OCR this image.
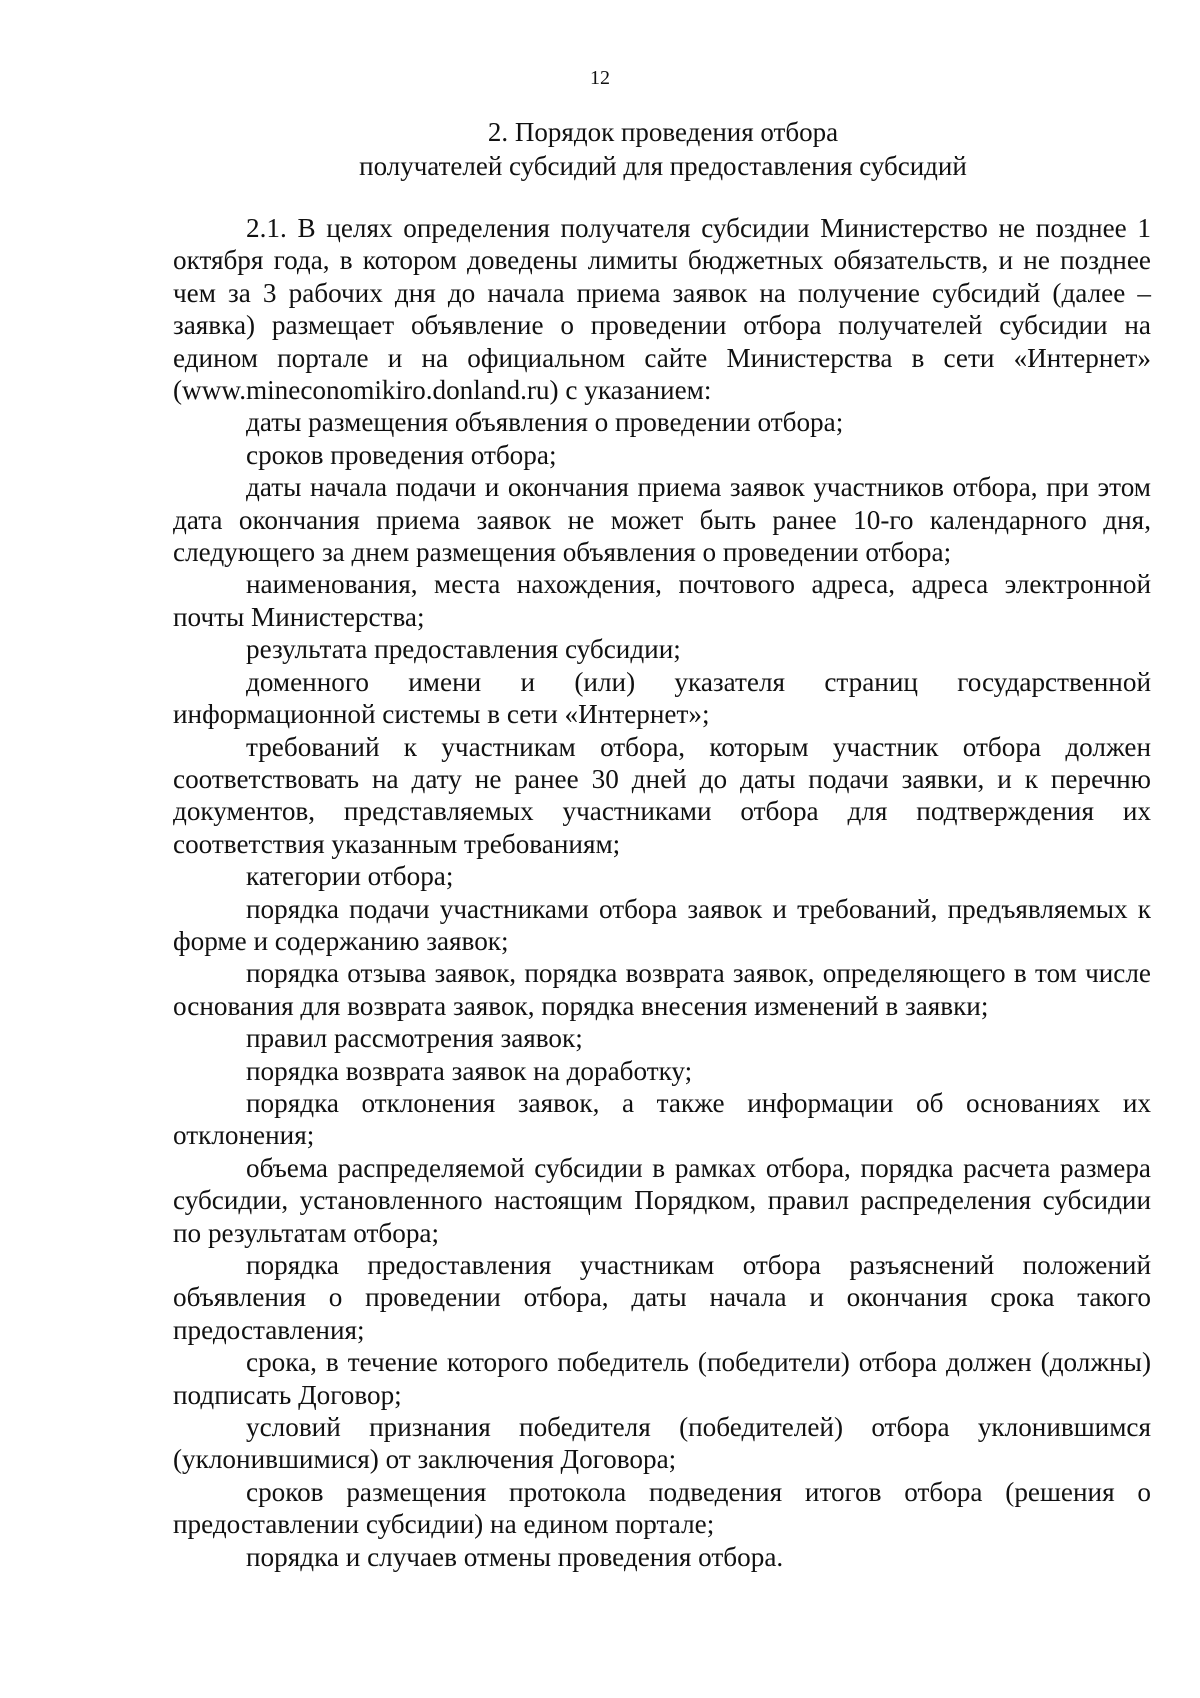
12
2. Порядок проведения отбора
получателей субсидий для предоставления субсидий

2.1. В целях определения получателя субсидии Министерство не позднее 1 октября года, в котором доведены лимиты бюджетных обязательств, и не позднее чем за 3 рабочих дня до начала приема заявок на получение субсидий (далее – заявка) размещает объявление о проведении отбора получателей субсидии на едином портале и на официальном сайте Министерства в сети «Интернет» (www.mineconomikiro.donland.ru) с указанием:

даты размещения объявления о проведении отбора;

сроков проведения отбора;

даты начала подачи и окончания приема заявок участников отбора, при этом дата окончания приема заявок не может быть ранее 10-го календарного дня, следующего за днем размещения объявления о проведении отбора;

наименования, места нахождения, почтового адреса, адреса электронной почты Министерства;

результата предоставления субсидии;

доменного имени и (или) указателя страниц государственной информационной системы в сети «Интернет»;

требований к участникам отбора, которым участник отбора должен соответствовать на дату не ранее 30 дней до даты подачи заявки, и к перечню документов, представляемых участниками отбора для подтверждения их соответствия указанным требованиям;

категории отбора;

порядка подачи участниками отбора заявок и требований, предъявляемых к форме и содержанию заявок;

порядка отзыва заявок, порядка возврата заявок, определяющего в том числе основания для возврата заявок, порядка внесения изменений в заявки;

правил рассмотрения заявок;

порядка возврата заявок на доработку;

порядка отклонения заявок, а также информации об основаниях их отклонения;

объема распределяемой субсидии в рамках отбора, порядка расчета размера субсидии, установленного настоящим Порядком, правил распределения субсидии по результатам отбора;

порядка предоставления участникам отбора разъяснений положений объявления о проведении отбора, даты начала и окончания срока такого предоставления;

срока, в течение которого победитель (победители) отбора должен (должны) подписать Договор;

условий признания победителя (победителей) отбора уклонившимся (уклонившимися) от заключения Договора;

сроков размещения протокола подведения итогов отбора (решения о предоставлении субсидии) на едином портале;

порядка и случаев отмены проведения отбора.
